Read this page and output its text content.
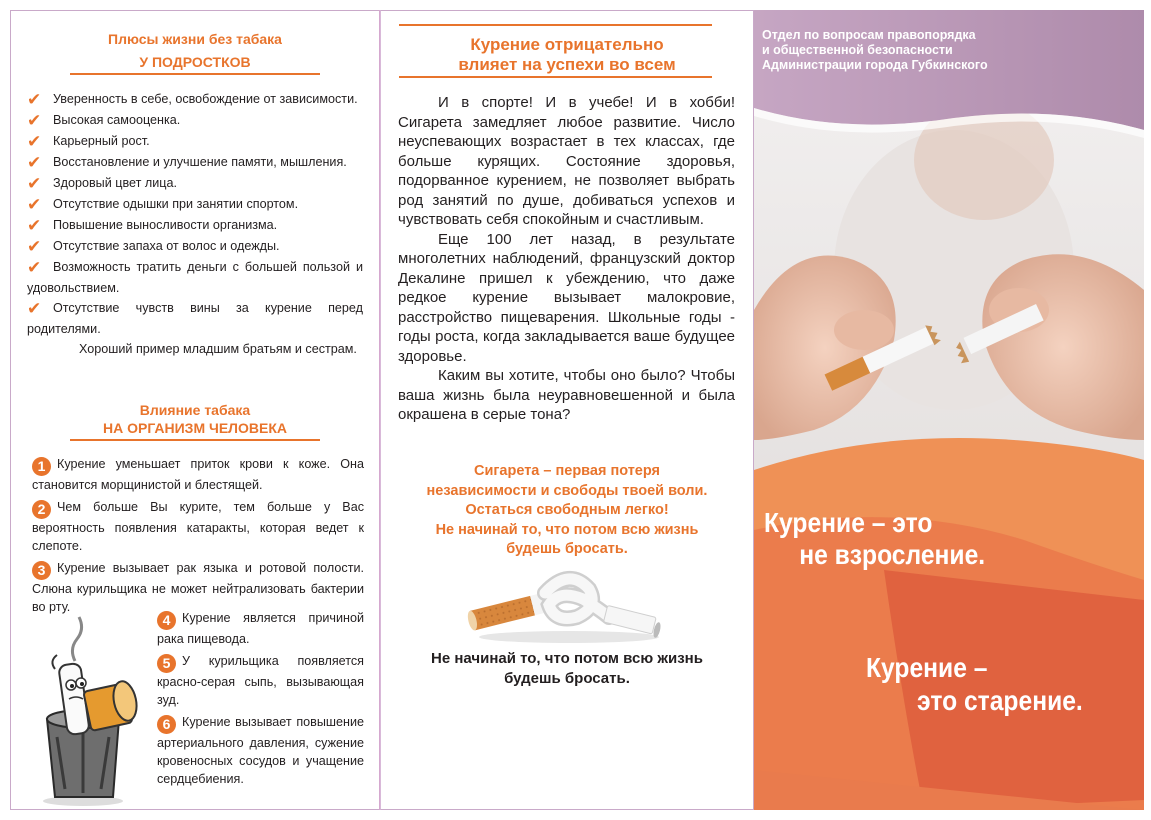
Плюсы жизни без табака
У ПОДРОСТКОВ
✔ Уверенность в себе, освобождение от зависимости.
✔ Высокая самооценка.
✔ Карьерный рост.
✔ Восстановление и улучшение памяти, мышления.
✔ Здоровый цвет лица.
✔ Отсутствие одышки при занятии спортом.
✔ Повышение выносливости организма.
✔ Отсутствие запаха от волос и одежды.
✔ Возможность тратить деньги с большей пользой и удовольствием.
✔ Отсутствие чувств вины за курение перед родителями.
Хороший пример младшим братьям и сестрам.
Влияние табака
НА ОРГАНИЗМ ЧЕЛОВЕКА
1 Курение уменьшает приток крови к коже. Она становится морщинистой и блестящей.
2 Чем больше Вы курите, тем больше у Вас вероятность появления катаракты, которая ведет к слепоте.
3 Курение вызывает рак языка и ротовой полости. Слюна курильщика не может нейтрализовать бактерии во рту.
4 Курение является причиной рака пищевода.
5 У курильщика появляется красно-серая сыпь, вызывающая зуд.
6 Курение вызывает повышение артериального давления, сужение кровеносных сосудов и учащение сердцебиения.
Курение отрицательно
влияет на успехи во всем

И в спорте! И в учебе! И в хобби! Сигарета замедляет любое развитие. Число неуспевающих возрастает в тех классах, где больше курящих. Состояние здоровья, подорванное курением, не позволяет выбрать род занятий по душе, добиваться успехов и чувствовать себя спокойным и счастливым.

Еще 100 лет назад, в результате многолетних наблюдений, французский доктор Декалине пришел к убеждению, что даже редкое курение вызывает малокровие, расстройство пищеварения. Школьные годы - годы роста, когда закладывается ваше будущее здоровье.

Каким вы хотите, чтобы оно было? Чтобы ваша жизнь была неуравновешенной и была окрашена в серые тона?

Сигарета – первая потеря
независимости и свободы твоей воли.
Остаться свободным легко!
Не начинай то, что потом всю жизнь
будешь бросать.
Не начинай то, что потом всю жизнь
будешь бросать.
Отдел по вопросам правопорядка
и общественной безопасности
Администрации города Губкинского
Курение – это
не взросление.
Курение –
это старение.
